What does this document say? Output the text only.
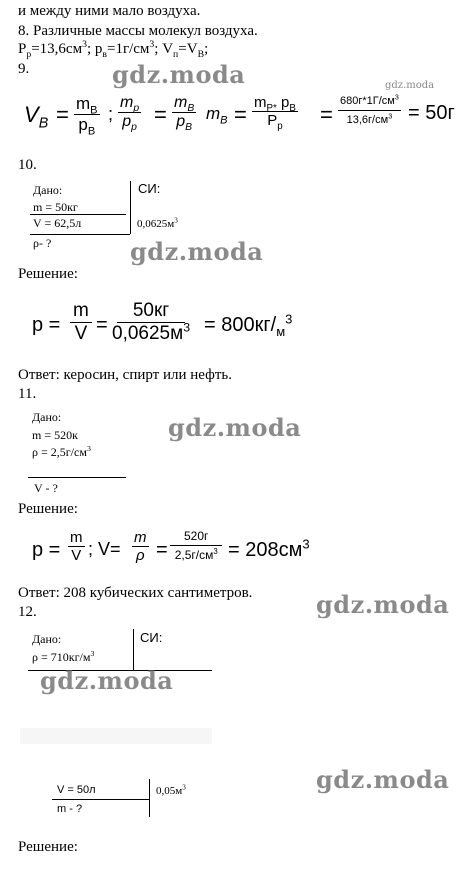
и между ними мало воздуха.
8. Различные массы молекул воздуха.
$P_р=13,6см^3$; $p_в=1г/см^3$; $V_п=V_В$;
9.	gdz.moda	gdz.moda
$V_В = m_В$
$p_В$
;
$m_р$
$p_р$
= $m_В$
$p_В$
$m_В = m_{P*}$ $p_В$
$P_p$ =
$680г*1Г/см^3$
$13,6г/см^3 = 50г$
10.
Дано:	СИ:
m = 50кг
V = 62,5л	$0,0625м^3$
ρ- ?	gdz.moda
Решение:
$p = \frac{m}{V}$ =
50кг
$0,0625м^3 = 800кг/_м^3$
Ответ: керосин, спирт или нефть.
11.
Дано:	gdz.moda
m = 520к
$\rho = 2,5г/см^3$
V - ?
Решение:
$p = \frac{m}{V}$ ; $V= \frac{m}{\rho}$ =
520г
$2,5г/см^3 = 208см^3$
Ответ: 208 кубических сантиметров.	gdz.moda
12.
Дано:	СИ:
$\rho = 710кг/м^3$
gdz.moda
gdz.moda
V = 50л	$0,05м^3$
m - ?
Решение:
